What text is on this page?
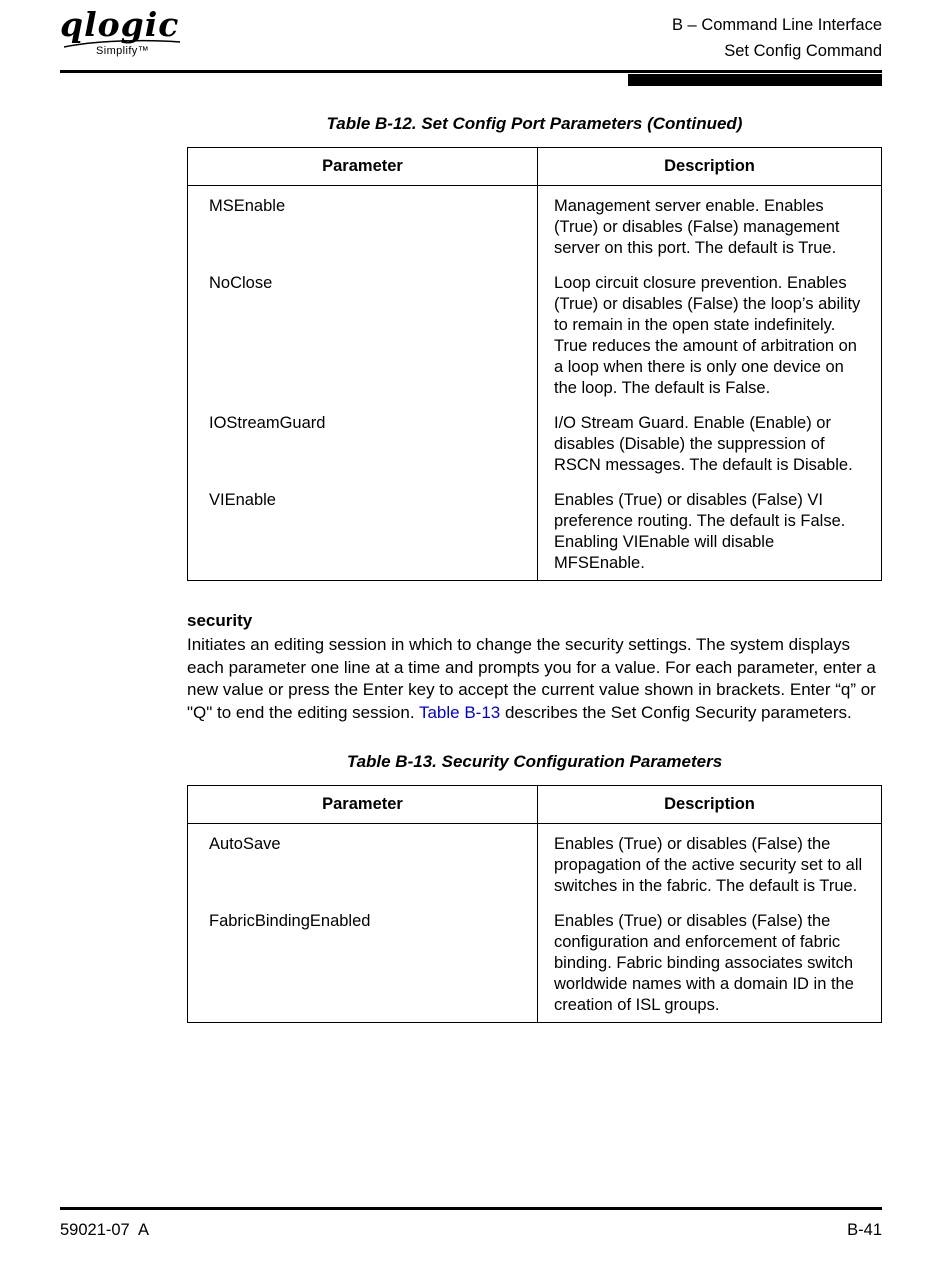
qlogic
Simplify™
B – Command Line Interface
Set Config Command
Table B-12. Set Config Port Parameters (Continued)
Parameter	Description
MSEnable	Management server enable. Enables (True) or disables (False) management server on this port. The default is True.
NoClose	Loop circuit closure prevention. Enables (True) or disables (False) the loop’s ability to remain in the open state indefinitely. True reduces the amount of arbitration on a loop when there is only one device on the loop. The default is False.
IOStreamGuard	I/O Stream Guard. Enable (Enable) or disables (Disable) the suppression of RSCN messages. The default is Disable.
VIEnable	Enables (True) or disables (False) VI preference routing. The default is False. Enabling VIEnable will disable MFSEnable.
security
Initiates an editing session in which to change the security settings. The system displays each parameter one line at a time and prompts you for a value. For each parameter, enter a new value or press the Enter key to accept the current value shown in brackets. Enter “q” or "Q" to end the editing session. Table B-13 describes the Set Config Security parameters.
Table B-13. Security Configuration Parameters
Parameter	Description
AutoSave	Enables (True) or disables (False) the propagation of the active security set to all switches in the fabric. The default is True.
FabricBindingEnabled	Enables (True) or disables (False) the configuration and enforcement of fabric binding. Fabric binding associates switch worldwide names with a domain ID in the creation of ISL groups.
59021-07  A	B-41
